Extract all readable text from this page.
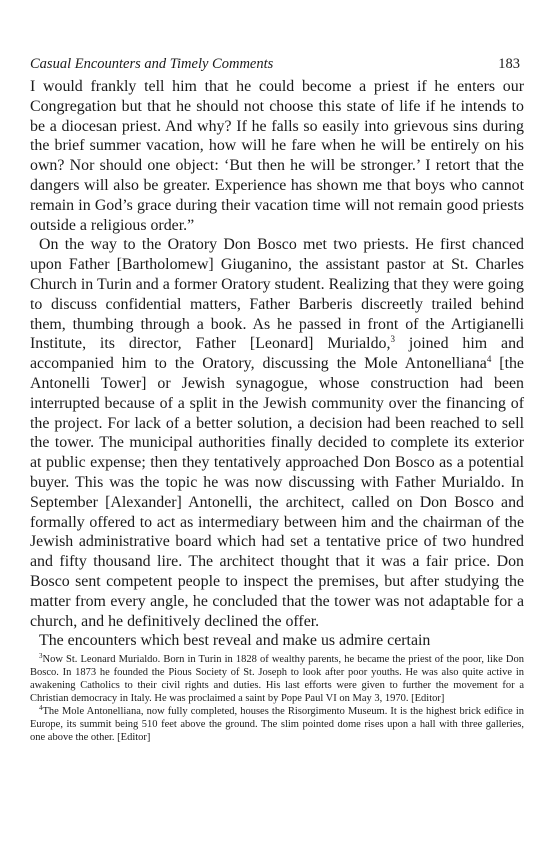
Casual Encounters and Timely Comments	183

I would frankly tell him that he could become a priest if he enters our Congregation but that he should not choose this state of life if he intends to be a diocesan priest. And why? If he falls so easily into grievous sins during the brief summer vacation, how will he fare when he will be entirely on his own? Nor should one object: ‘But then he will be stronger.’ I retort that the dangers will also be greater. Experience has shown me that boys who cannot remain in God’s grace during their vacation time will not remain good priests outside a religious order.”

On the way to the Oratory Don Bosco met two priests. He first chanced upon Father [Bartholomew] Giuganino, the assistant pastor at St. Charles Church in Turin and a former Oratory student. Realizing that they were going to discuss confidential matters, Father Barberis discreetly trailed behind them, thumbing through a book. As he passed in front of the Artigianelli Institute, its director, Father [Leonard] Murialdo,$^3$ joined him and accompanied him to the Oratory, discussing the Mole Antonelliana$^4$ [the Antonelli Tower] or Jewish synagogue, whose construction had been interrupted because of a split in the Jewish community over the financing of the project. For lack of a better solution, a decision had been reached to sell the tower. The municipal authorities finally decided to complete its exterior at public expense; then they tentatively approached Don Bosco as a potential buyer. This was the topic he was now discussing with Father Murialdo. In September [Alexander] Antonelli, the architect, called on Don Bosco and formally offered to act as intermediary between him and the chairman of the Jewish administrative board which had set a tentative price of two hundred and fifty thousand lire. The architect thought that it was a fair price. Don Bosco sent competent people to inspect the premises, but after studying the matter from every angle, he concluded that the tower was not adaptable for a church, and he definitively declined the offer.

The encounters which best reveal and make us admire certain

$^3$Now St. Leonard Murialdo. Born in Turin in 1828 of wealthy parents, he became the priest of the poor, like Don Bosco. In 1873 he founded the Pious Society of St. Joseph to look after poor youths. He was also quite active in awakening Catholics to their civil rights and duties. His last efforts were given to further the movement for a Christian democracy in Italy. He was proclaimed a saint by Pope Paul VI on May 3, 1970. [Editor]

$^4$The Mole Antonelliana, now fully completed, houses the Risorgimento Museum. It is the highest brick edifice in Europe, its summit being 510 feet above the ground. The slim pointed dome rises upon a hall with three galleries, one above the other. [Editor]
